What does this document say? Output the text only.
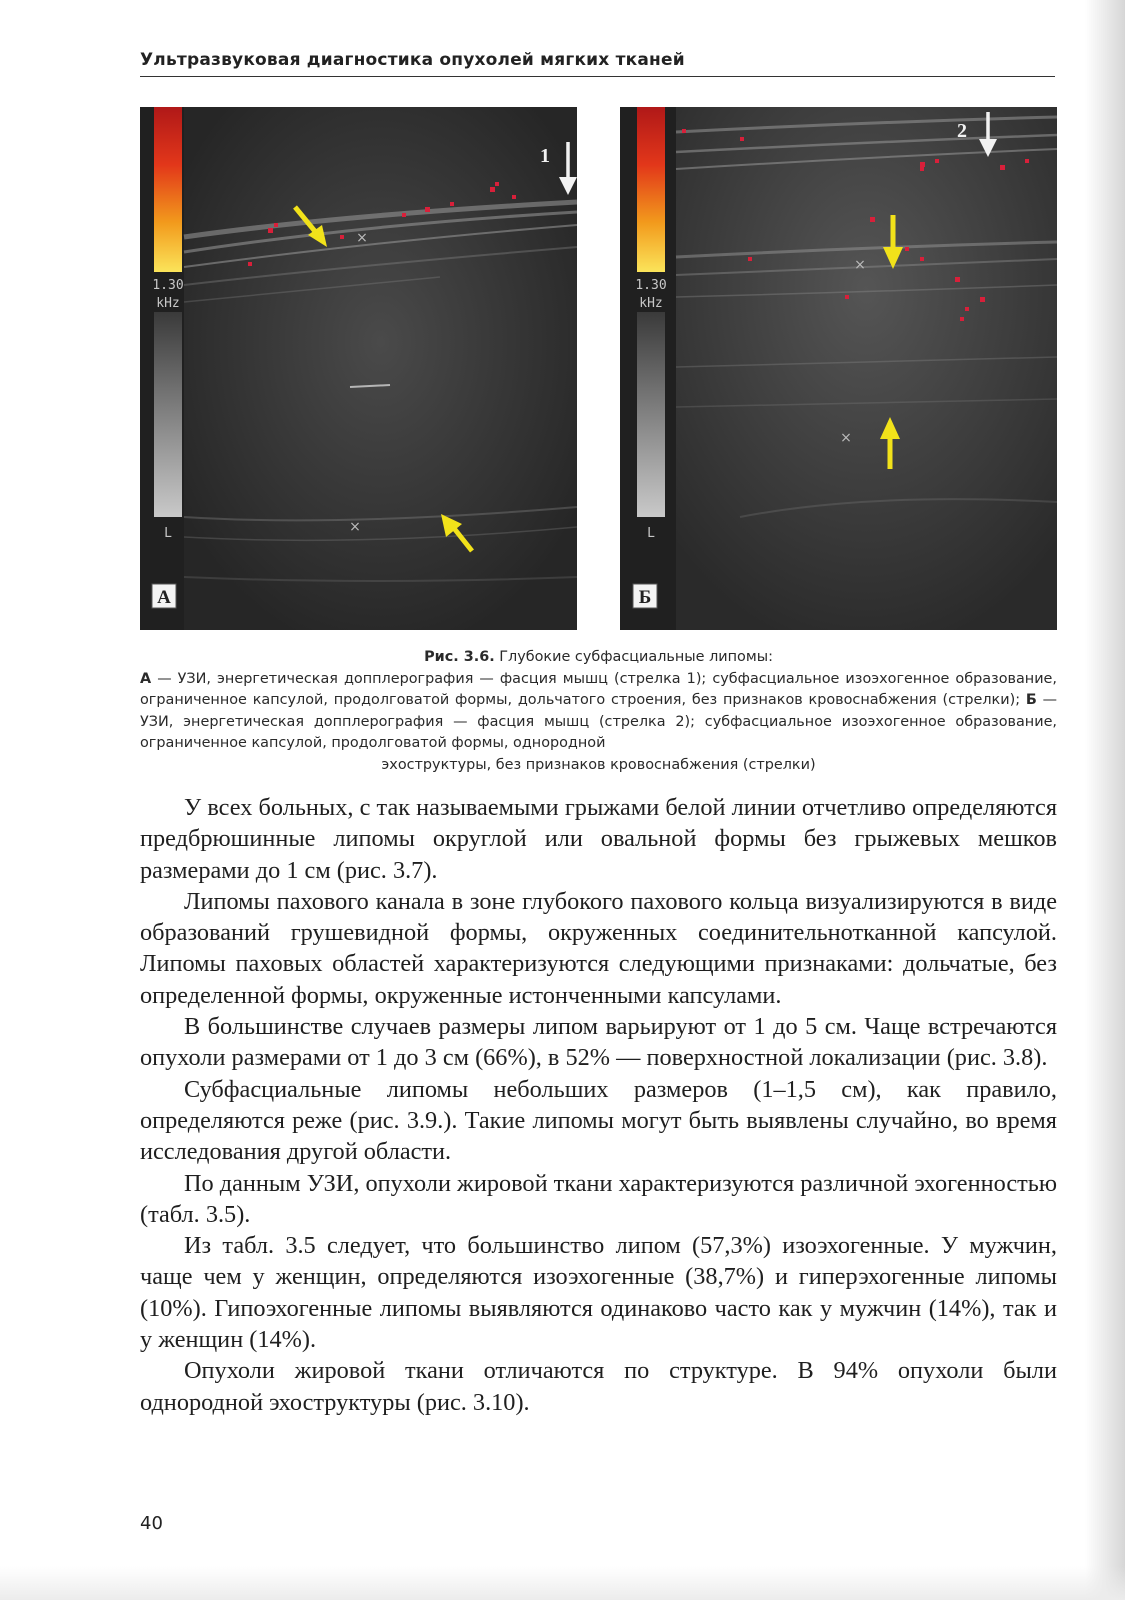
Ультразвуковая диагностика опухолей мягких тканей
1.30
kHz
L
×
×
1
А
1.30
kHz
L
×
×
2
Б
Рис. 3.6. Глубокие субфасциальные липомы:
А — УЗИ, энергетическая допплерография — фасция мышц (стрелка 1); субфасциальное изоэхогенное образование, ограниченное капсулой, продолговатой формы, дольчатого строения, без признаков кровоснабжения (стрелки); Б — УЗИ, энергетическая допплерография — фасция мышц (стрелка 2); субфасциальное изоэхогенное образование, ограниченное капсулой, продолговатой формы, однородной
эхоструктуры, без признаков кровоснабжения (стрелки)

У всех больных, с так называемыми грыжами белой линии отчетливо определяются предбрюшинные липомы округлой или овальной формы без грыжевых мешков размерами до 1 см (рис. 3.7).

Липомы пахового канала в зоне глубокого пахового кольца визуализируются в виде образований грушевидной формы, окруженных соединительнотканной капсулой. Липомы паховых областей характеризуются следующими признаками: дольчатые, без определенной формы, окруженные истонченными капсулами.

В большинстве случаев размеры липом варьируют от 1 до 5 см. Чаще встречаются опухоли размерами от 1 до 3 см (66%), в 52% — поверхностной локализации (рис. 3.8).

Субфасциальные липомы небольших размеров (1–1,5 см), как правило, определяются реже (рис. 3.9.). Такие липомы могут быть выявлены случайно, во время исследования другой области.

По данным УЗИ, опухоли жировой ткани характеризуются различной эхогенностью (табл. 3.5).

Из табл. 3.5 следует, что большинство липом (57,3%) изоэхогенные. У мужчин, чаще чем у женщин, определяются изоэхогенные (38,7%) и гиперэхогенные липомы (10%). Гипоэхогенные липомы выявляются одинаково часто как у мужчин (14%), так и у женщин (14%).

Опухоли жировой ткани отличаются по структуре. В 94% опухоли были однородной эхоструктуры (рис. 3.10).

40
